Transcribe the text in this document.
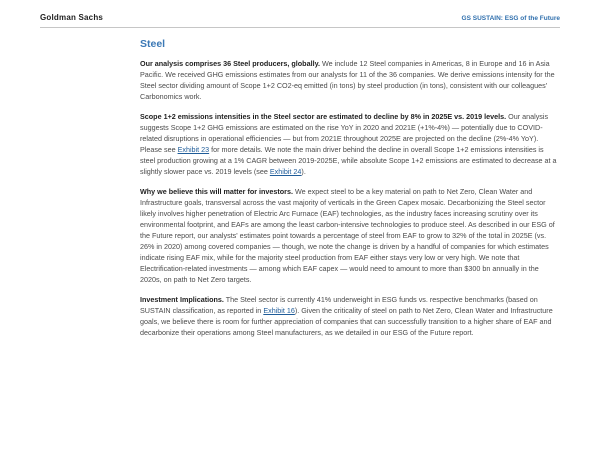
Goldman Sachs	GS SUSTAIN: ESG of the Future
Steel

Our analysis comprises 36 Steel producers, globally. We include 12 Steel companies in Americas, 8 in Europe and 16 in Asia Pacific. We received GHG emissions estimates from our analysts for 11 of the 36 companies. We derive emissions intensity for the Steel sector dividing amount of Scope 1+2 CO2-eq emitted (in tons) by steel production (in tons), consistent with our colleagues' Carbonomics work.

Scope 1+2 emissions intensities in the Steel sector are estimated to decline by 8% in 2025E vs. 2019 levels. Our analysis suggests Scope 1+2 GHG emissions are estimated on the rise YoY in 2020 and 2021E (+1%-4%) — potentially due to COVID-related disruptions in operational efficiencies — but from 2021E throughout 2025E are projected on the decline (2%-4% YoY). Please see Exhibit 23 for more details. We note the main driver behind the decline in overall Scope 1+2 emissions intensities is steel production growing at a 1% CAGR between 2019-2025E, while absolute Scope 1+2 emissions are estimated to decrease at a slightly slower pace vs. 2019 levels (see Exhibit 24).

Why we believe this will matter for investors. We expect steel to be a key material on path to Net Zero, Clean Water and Infrastructure goals, transversal across the vast majority of verticals in the Green Capex mosaic. Decarbonizing the Steel sector likely involves higher penetration of Electric Arc Furnace (EAF) technologies, as the industry faces increasing scrutiny over its environmental footprint, and EAFs are among the least carbon-intensive technologies to produce steel. As described in our ESG of the Future report, our analysts' estimates point towards a percentage of steel from EAF to grow to 32% of the total in 2025E (vs. 26% in 2020) among covered companies — though, we note the change is driven by a handful of companies for which estimates indicate rising EAF mix, while for the majority steel production from EAF either stays very low or very high. We note that Electrification-related investments — among which EAF capex — would need to amount to more than $300 bn annually in the 2020s, on path to Net Zero targets.

Investment Implications. The Steel sector is currently 41% underweight in ESG funds vs. respective benchmarks (based on SUSTAIN classification, as reported in Exhibit 16). Given the criticality of steel on path to Net Zero, Clean Water and Infrastructure goals, we believe there is room for further appreciation of companies that can successfully transition to a higher share of EAF and decarbonize their operations among Steel manufacturers, as we detailed in our ESG of the Future report.
